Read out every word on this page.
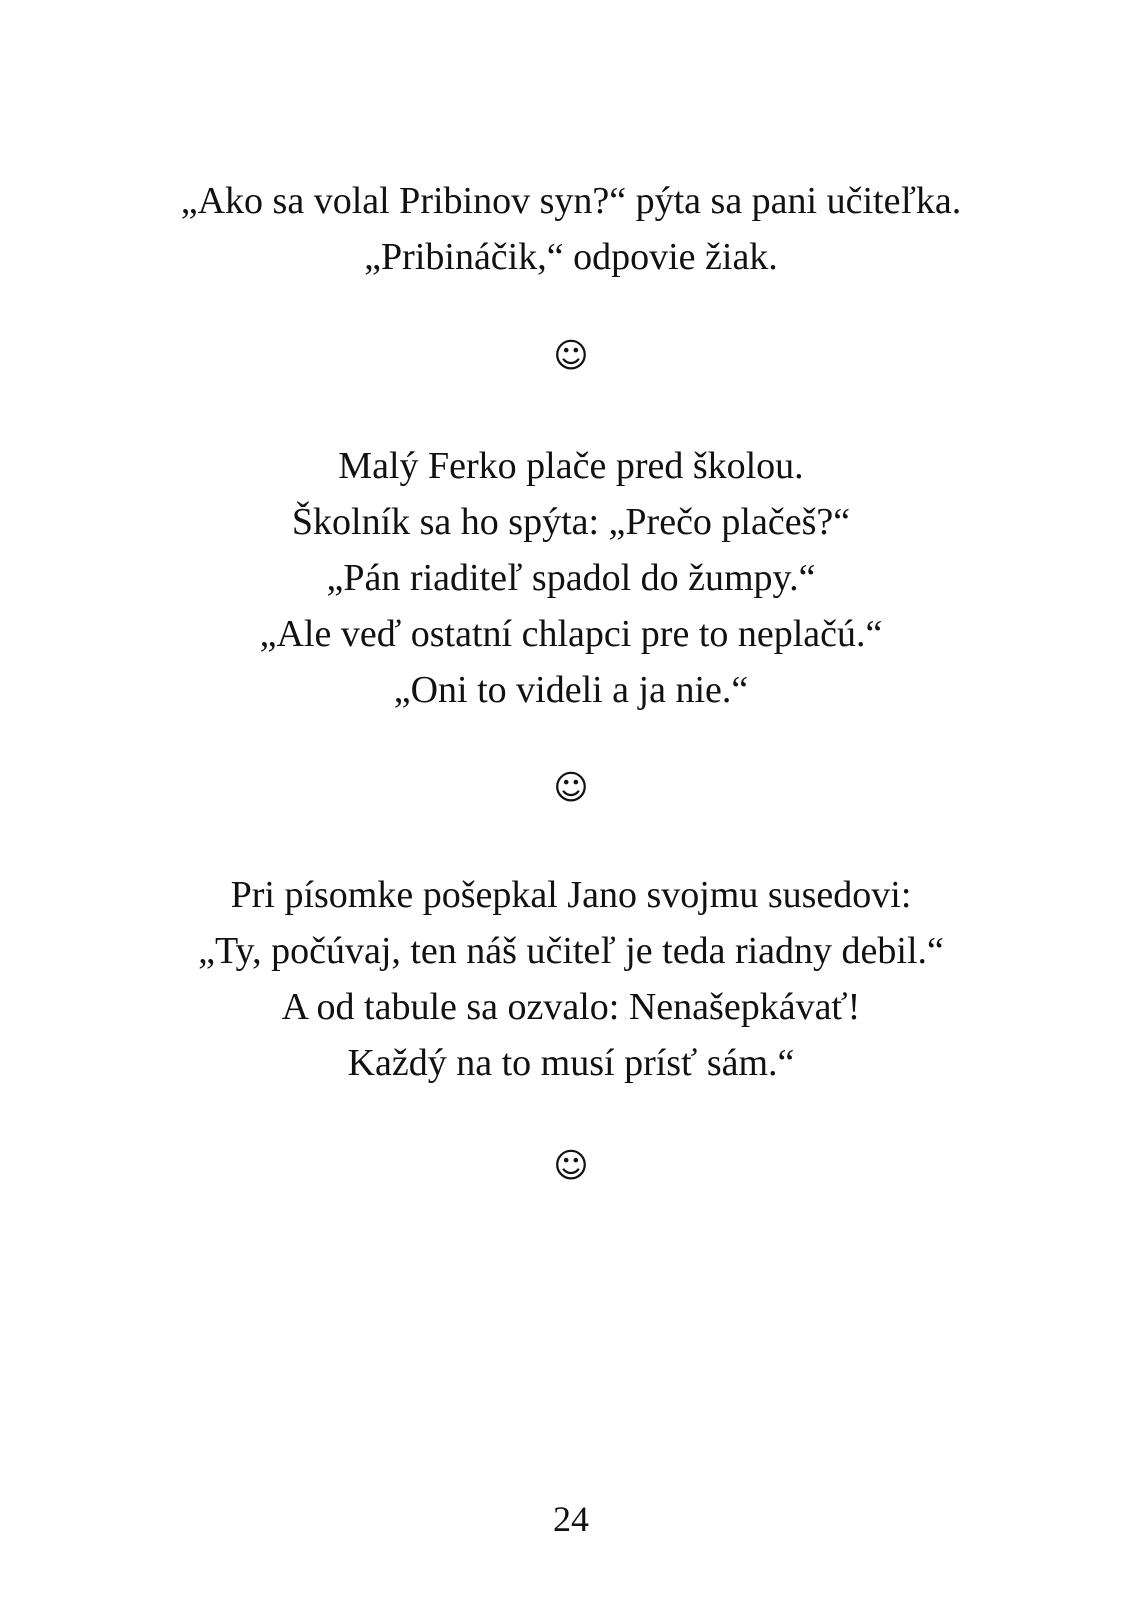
„Ako sa volal Pribinov syn?“ pýta sa pani učiteľka.
„Pribináčik,“ odpovie žiak.
☺
Malý Ferko plače pred školou.
Školník sa ho spýta: „Prečo plačeš?“
„Pán riaditeľ spadol do žumpy.“
„Ale veď ostatní chlapci pre to neplačú.“
„Oni to videli a ja nie.“
☺
Pri písomke pošepkal Jano svojmu susedovi:
„Ty, počúvaj, ten náš učiteľ je teda riadny debil.“
A od tabule sa ozvalo: Nenašepkávať!
Každý na to musí prísť sám.“
☺
24
